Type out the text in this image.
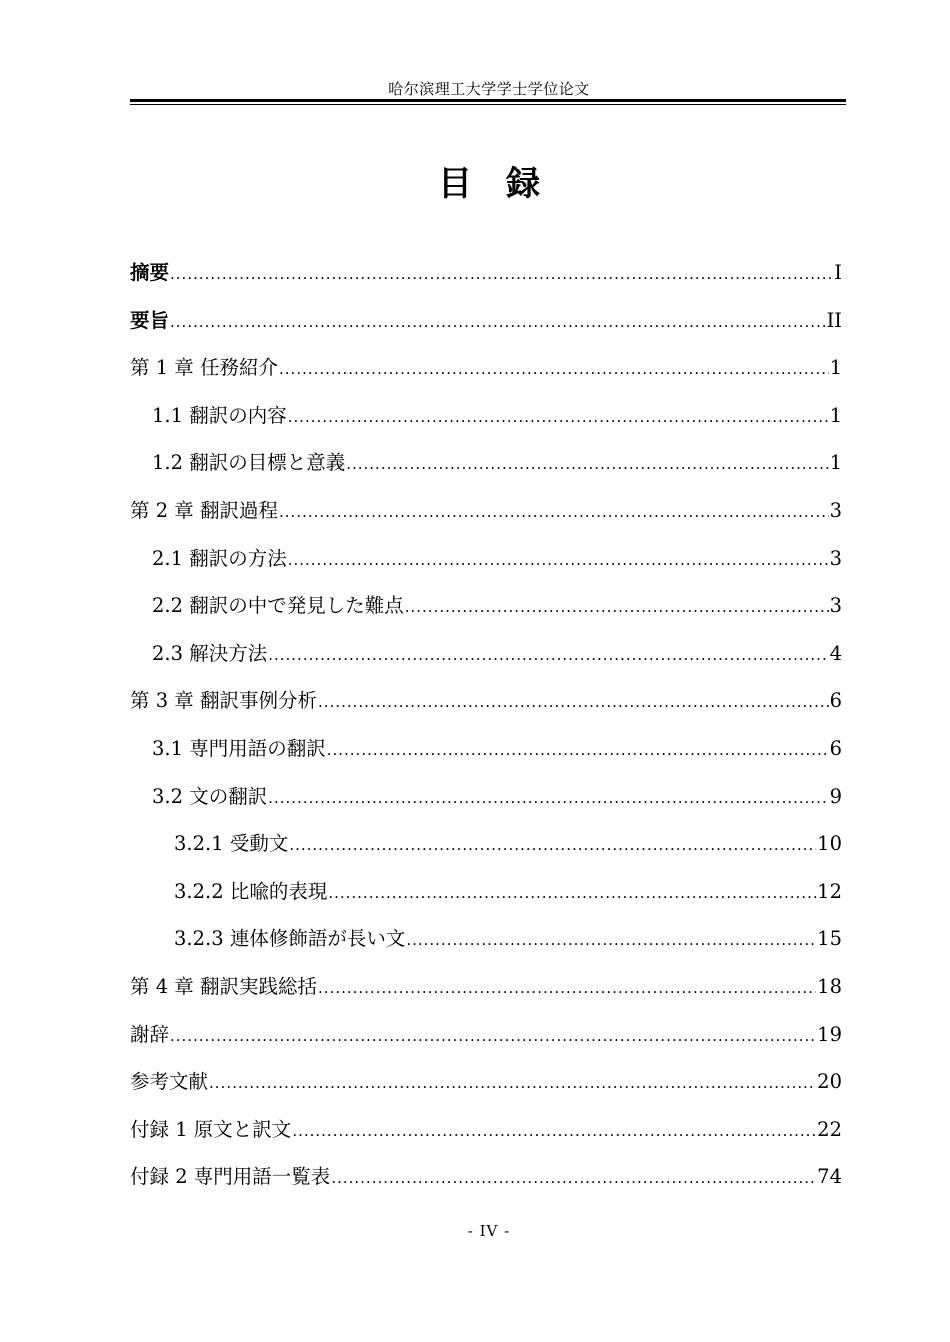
哈尔滨理工大学学士学位论文
目録
摘要 .....	I
要旨 .....	II
第 1 章 任務紹介 .....	1
1.1 翻訳の内容 .....	1
1.2 翻訳の目標と意義 .....	1
第 2 章 翻訳過程 .....	3
2.1 翻訳の方法 .....	3
2.2 翻訳の中で発見した難点 .....	3
2.3 解決方法 .....	4
第 3 章 翻訳事例分析 .....	6
3.1 専門用語の翻訳 .....	6
3.2 文の翻訳 .....	9
3.2.1 受動文 .....	10
3.2.2 比喩的表現 .....	12
3.2.3 連体修飾語が長い文 .....	15
第 4 章 翻訳実践総括 .....	18
謝辞 .....	19
参考文献 .....	20
付録 1 原文と訳文 .....	22
付録 2 専門用語一覧表 .....	74
- IV -
